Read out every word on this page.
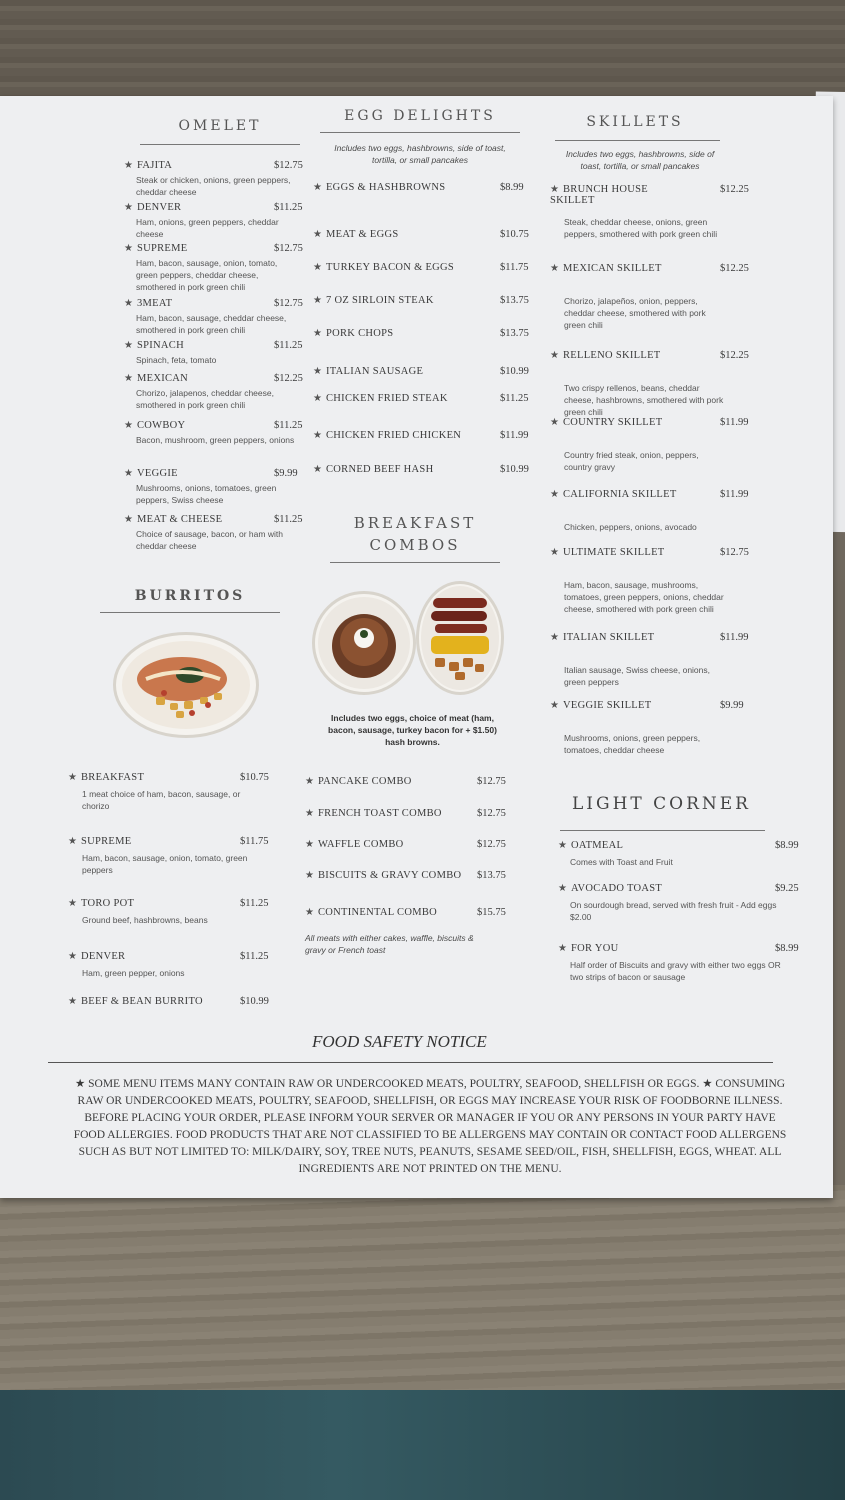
OMELET
★ FAJITA	$12.75
Steak or chicken, onions, green peppers, cheddar cheese
★ DENVER	$11.25
Ham, onions, green peppers, cheddar cheese
★ SUPREME	$12.75
Ham, bacon, sausage, onion, tomato, green peppers, cheddar cheese, smothered in pork green chili
★ 3MEAT	$12.75
Ham, bacon, sausage, cheddar cheese, smothered in pork green chili
★ SPINACH	$11.25
Spinach, feta, tomato
★ MEXICAN	$12.25
Chorizo, jalapenos, cheddar cheese, smothered in pork green chili
★ COWBOY	$11.25
Bacon, mushroom, green peppers, onions
★ VEGGIE	$9.99
Mushrooms, onions, tomatoes, green peppers, Swiss cheese
★ MEAT & CHEESE	$11.25
Choice of sausage, bacon, or ham with cheddar cheese
EGG DELIGHTS
Includes two eggs, hashbrowns, side of toast, tortilla, or small pancakes
★ EGGS & HASHBROWNS	$8.99
★ MEAT & EGGS	$10.75
★ TURKEY BACON & EGGS	$11.75
★ 7 OZ SIRLOIN STEAK	$13.75
★ PORK CHOPS	$13.75
★ ITALIAN SAUSAGE	$10.99
★ CHICKEN FRIED STEAK	$11.25
★ CHICKEN FRIED CHICKEN	$11.99
★ CORNED BEEF HASH	$10.99
SKILLETS
Includes two eggs, hashbrowns, side of toast, tortilla, or small pancakes
★ BRUNCH HOUSE SKILLET
$12.25
Steak, cheddar cheese, onions, green peppers, smothered with pork green chili
★ MEXICAN SKILLET	$12.25
Chorizo, jalapeños, onion, peppers, cheddar cheese, smothered with pork green chili
★ RELLENO SKILLET	$12.25
Two crispy rellenos, beans, cheddar cheese, hashbrowns, smothered with pork green chili
★ COUNTRY SKILLET	$11.99
Country fried steak, onion, peppers, country gravy
★ CALIFORNIA SKILLET	$11.99
Chicken, peppers, onions, avocado
★ ULTIMATE SKILLET	$12.75
Ham, bacon, sausage, mushrooms, tomatoes, green peppers, onions, cheddar cheese, smothered with pork green chili
★ ITALIAN SKILLET	$11.99
Italian sausage, Swiss cheese, onions, green peppers
★ VEGGIE SKILLET	$9.99
Mushrooms, onions, green peppers, tomatoes, cheddar cheese
BURRITOS
★ BREAKFAST	$10.75
1 meat choice of ham, bacon, sausage, or chorizo
★ SUPREME	$11.75
Ham, bacon, sausage, onion, tomato, green peppers
★ TORO POT	$11.25
Ground beef, hashbrowns, beans
★ DENVER	$11.25
Ham, green pepper, onions
★ BEEF & BEAN BURRITO	$10.99
BREAKFAST
COMBOS
Includes two eggs, choice of meat (ham, bacon, sausage, turkey bacon for + $1.50) hash browns.
★ PANCAKE COMBO	$12.75
★ FRENCH TOAST COMBO	$12.75
★ WAFFLE COMBO	$12.75
★ BISCUITS & GRAVY COMBO	$13.75
★ CONTINENTAL COMBO	$15.75
All meats with either cakes, waffle, biscuits & gravy or French toast
LIGHT CORNER
★ OATMEAL	$8.99
Comes with Toast and Fruit
★ AVOCADO TOAST	$9.25
On sourdough bread, served with fresh fruit - Add eggs $2.00
★ FOR YOU	$8.99
Half order of Biscuits and gravy with either two eggs OR two strips of bacon or sausage
FOOD SAFETY NOTICE
★ SOME MENU ITEMS MANY CONTAIN RAW OR UNDERCOOKED MEATS, POULTRY, SEAFOOD, SHELLFISH OR EGGS. ★ CONSUMING RAW OR UNDERCOOKED MEATS, POULTRY, SEAFOOD, SHELLFISH, OR EGGS MAY INCREASE YOUR RISK OF FOODBORNE ILLNESS. BEFORE PLACING YOUR ORDER, PLEASE INFORM YOUR SERVER OR MANAGER IF YOU OR ANY PERSONS IN YOUR PARTY HAVE FOOD ALLERGIES. FOOD PRODUCTS THAT ARE NOT CLASSIFIED TO BE ALLERGENS MAY CONTAIN OR CONTACT FOOD ALLERGENS SUCH AS BUT NOT LIMITED TO: MILK/DAIRY, SOY, TREE NUTS, PEANUTS, SESAME SEED/OIL, FISH, SHELLFISH, EGGS, WHEAT. ALL INGREDIENTS ARE NOT PRINTED ON THE MENU.
